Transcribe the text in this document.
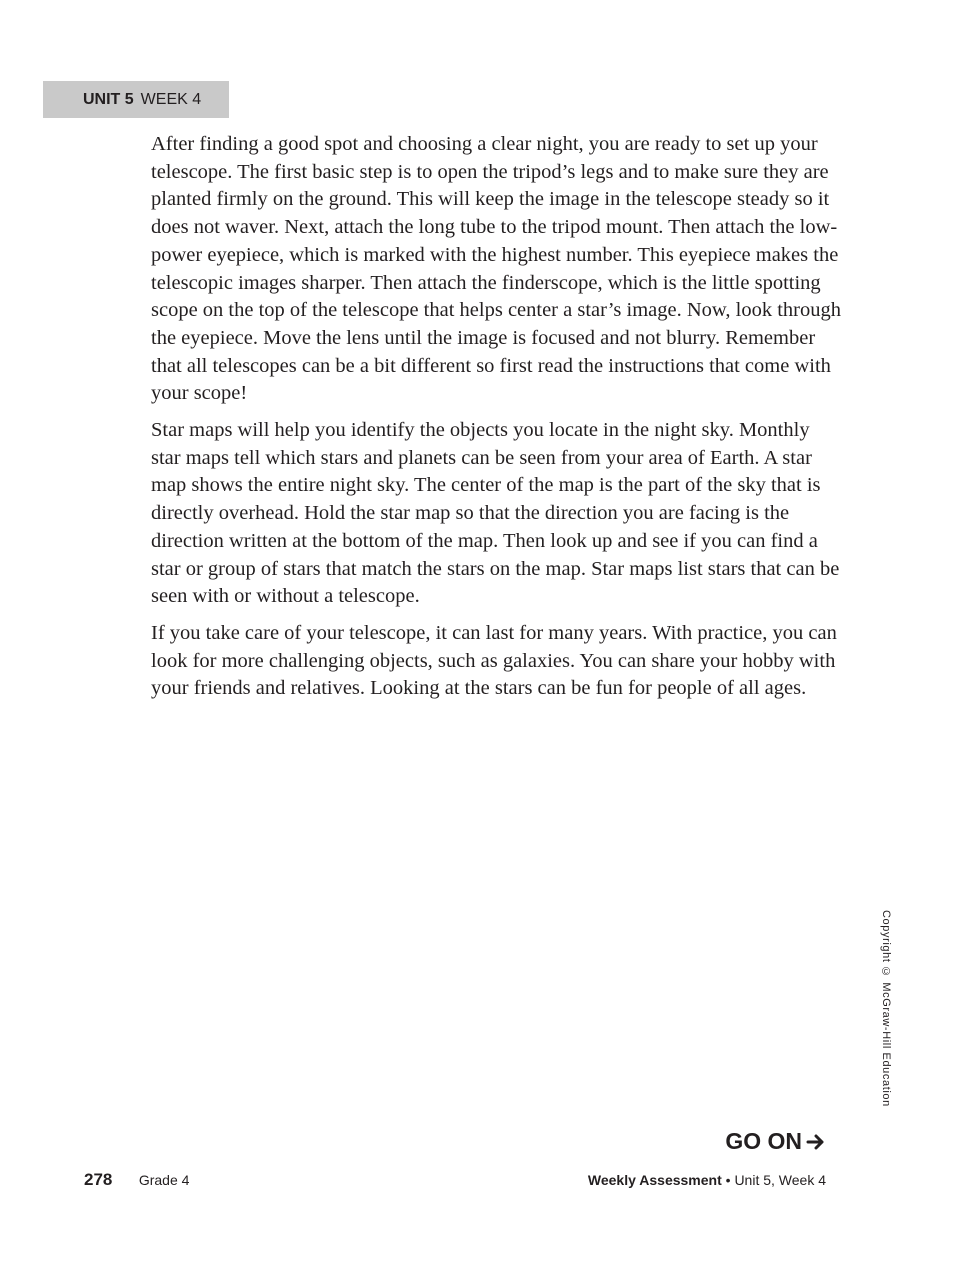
UNIT 5 WEEK 4

After finding a good spot and choosing a clear night, you are ready to set up your telescope. The first basic step is to open the tripod’s legs and to make sure they are planted firmly on the ground. This will keep the image in the telescope steady so it does not waver. Next, attach the long tube to the tripod mount. Then attach the low-power eyepiece, which is marked with the highest number. This eyepiece makes the telescopic images sharper. Then attach the finderscope, which is the little spotting scope on the top of the telescope that helps center a star’s image. Now, look through the eyepiece. Move the lens until the image is focused and not blurry. Remember that all telescopes can be a bit different so first read the instructions that come with your scope!

Star maps will help you identify the objects you locate in the night sky. Monthly star maps tell which stars and planets can be seen from your area of Earth. A star map shows the entire night sky. The center of the map is the part of the sky that is directly overhead. Hold the star map so that the direction you are facing is the direction written at the bottom of the map. Then look up and see if you can find a star or group of stars that match the stars on the map. Star maps list stars that can be seen with or without a telescope.

If you take care of your telescope, it can last for many years. With practice, you can look for more challenging objects, such as galaxies. You can share your hobby with your friends and relatives. Looking at the stars can be fun for people of all ages.

Copyright © McGraw-Hill Education
GO ON
278 Grade 4	Weekly Assessment • Unit 5, Week 4
